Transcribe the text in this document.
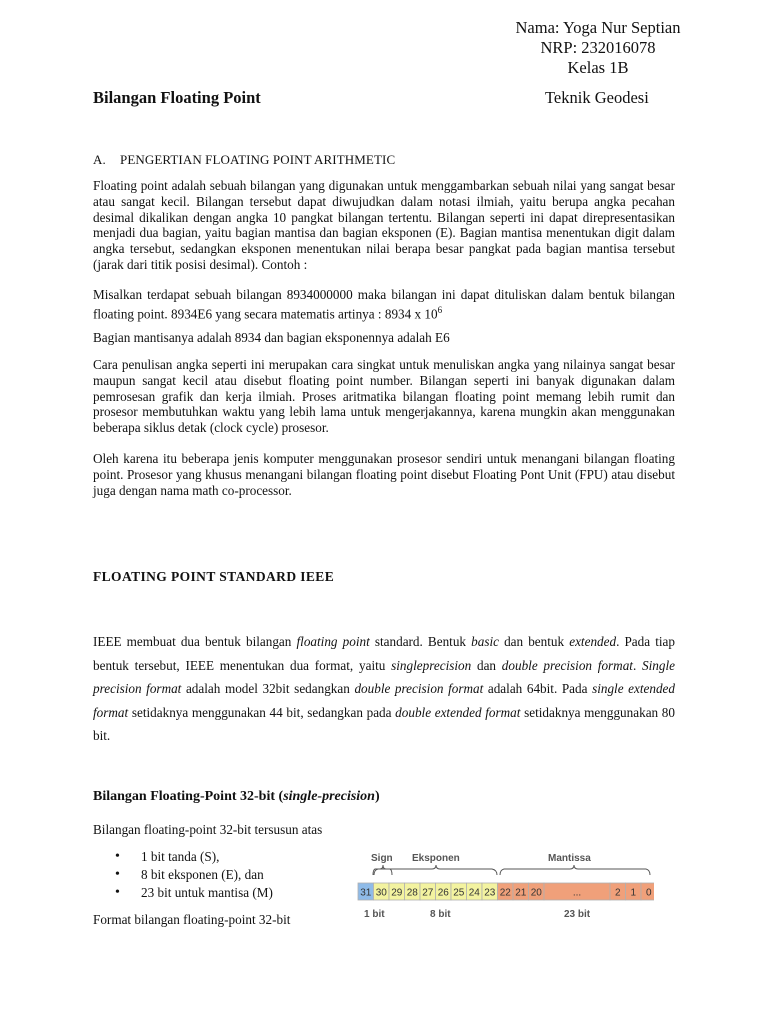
Nama: Yoga Nur Septian
NRP: 232016078
Kelas 1B
Bilangan Floating Point	Teknik Geodesi
A. PENGERTIAN FLOATING POINT ARITHMETIC

Floating point adalah sebuah bilangan yang digunakan untuk menggambarkan sebuah nilai yang sangat besar atau sangat kecil. Bilangan tersebut dapat diwujudkan dalam notasi ilmiah, yaitu berupa angka pecahan desimal dikalikan dengan angka 10 pangkat bilangan tertentu. Bilangan seperti ini dapat direpresentasikan menjadi dua bagian, yaitu bagian mantisa dan bagian eksponen (E). Bagian mantisa menentukan digit dalam angka tersebut, sedangkan eksponen menentukan nilai berapa besar pangkat pada bagian mantisa tersebut (jarak dari titik posisi desimal). Contoh :

Misalkan terdapat sebuah bilangan 8934000000 maka bilangan ini dapat dituliskan dalam bentuk bilangan floating point. 8934E6 yang secara matematis artinya : 8934 x $10^6$

Bagian mantisanya adalah 8934 dan bagian eksponennya adalah E6

Cara penulisan angka seperti ini merupakan cara singkat untuk menuliskan angka yang nilainya sangat besar maupun sangat kecil atau disebut floating point number. Bilangan seperti ini banyak digunakan dalam pemrosesan grafik dan kerja ilmiah. Proses aritmatika bilangan floating point memang lebih rumit dan prosesor membutuhkan waktu yang lebih lama untuk mengerjakannya, karena mungkin akan menggunakan beberapa siklus detak (clock cycle) prosesor.

Oleh karena itu beberapa jenis komputer menggunakan prosesor sendiri untuk menangani bilangan floating point. Prosesor yang khusus menangani bilangan floating point disebut Floating Pont Unit (FPU) atau disebut juga dengan nama math co-processor.

FLOATING POINT STANDARD IEEE

IEEE membuat dua bentuk bilangan floating point standard. Bentuk basic dan bentuk extended. Pada tiap bentuk tersebut, IEEE menentukan dua format, yaitu singleprecision dan double precision format. Single precision format adalah model 32bit sedangkan double precision format adalah 64bit. Pada single extended format setidaknya menggunakan 44 bit, sedangkan pada double extended format setidaknya menggunakan 80 bit.

Bilangan Floating-Point 32-bit (single-precision)
Bilangan floating-point 32-bit tersusun atas
• 1 bit tanda (S),
• 8 bit eksponen (E), dan
• 23 bit untuk mantisa (M)
Format bilangan floating-point 32-bit
Sign Eksponen	Mantissa
31 30 29 28 27 26 25 24 23 22 21 20	...	2 1 0
1 bit	8 bit	23 bit
